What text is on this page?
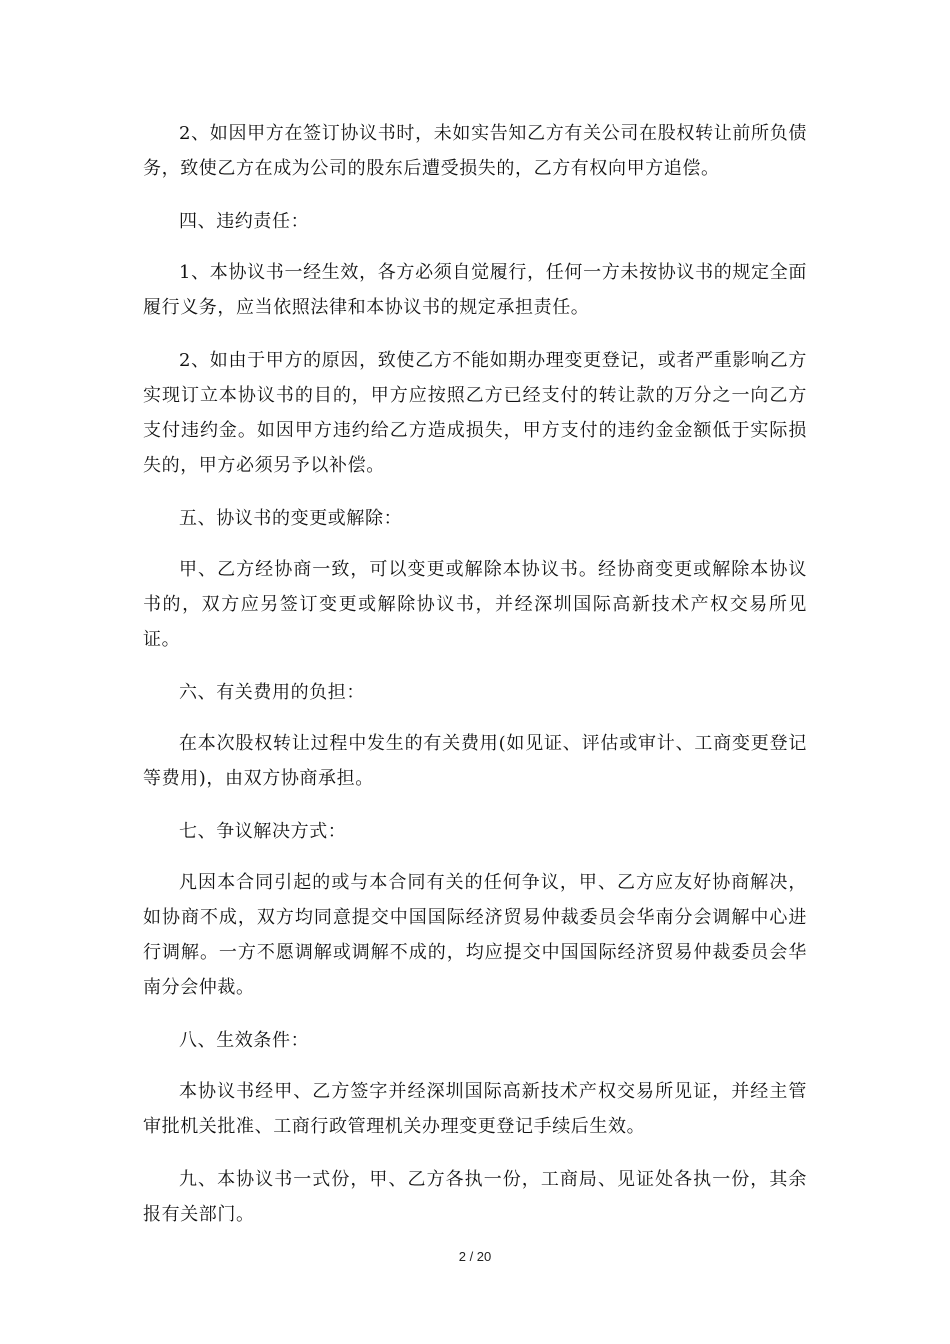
2、如因甲方在签订协议书时，未如实告知乙方有关公司在股权转让前所负债务，致使乙方在成为公司的股东后遭受损失的，乙方有权向甲方追偿。

四、违约责任：

1、本协议书一经生效，各方必须自觉履行，任何一方未按协议书的规定全面履行义务，应当依照法律和本协议书的规定承担责任。

2、如由于甲方的原因，致使乙方不能如期办理变更登记，或者严重影响乙方实现订立本协议书的目的，甲方应按照乙方已经支付的转让款的万分之一向乙方支付违约金。如因甲方违约给乙方造成损失，甲方支付的违约金金额低于实际损失的，甲方必须另予以补偿。

五、协议书的变更或解除：

甲、乙方经协商一致，可以变更或解除本协议书。经协商变更或解除本协议书的，双方应另签订变更或解除协议书，并经深圳国际高新技术产权交易所见证。

六、有关费用的负担：

在本次股权转让过程中发生的有关费用(如见证、评估或审计、工商变更登记等费用)，由双方协商承担。

七、争议解决方式：

凡因本合同引起的或与本合同有关的任何争议，甲、乙方应友好协商解决，如协商不成，双方均同意提交中国国际经济贸易仲裁委员会华南分会调解中心进行调解。一方不愿调解或调解不成的，均应提交中国国际经济贸易仲裁委员会华南分会仲裁。

八、生效条件：

本协议书经甲、乙方签字并经深圳国际高新技术产权交易所见证，并经主管审批机关批准、工商行政管理机关办理变更登记手续后生效。

九、本协议书一式份，甲、乙方各执一份，工商局、见证处各执一份，其余报有关部门。

2 / 20
